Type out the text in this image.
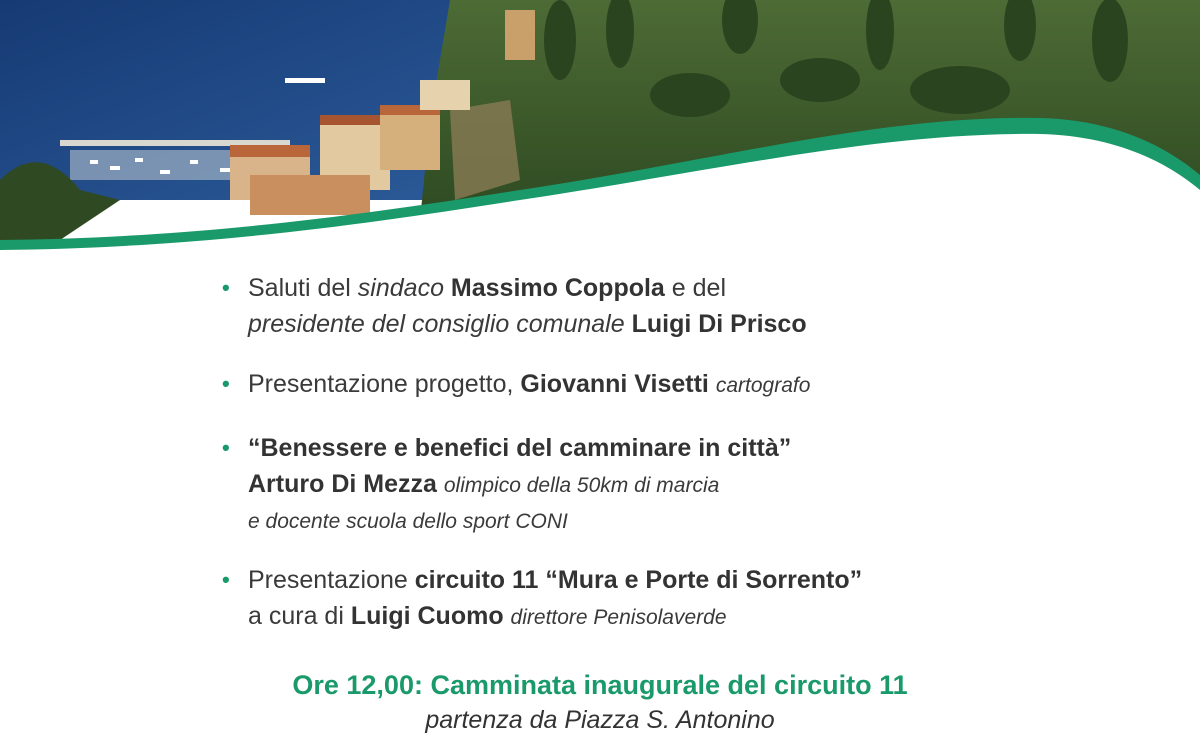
• Saluti del sindaco Massimo Coppola e del
presidente del consiglio comunale Luigi Di Prisco
• Presentazione progetto, Giovanni Visetti cartografo
• “Benessere e benefici del camminare in città”
Arturo Di Mezza olimpico della 50km di marcia
e docente scuola dello sport CONI
• Presentazione circuito 11 “Mura e Porte di Sorrento”
a cura di Luigi Cuomo direttore Penisolaverde
Ore 12,00: Camminata inaugurale del circuito 11
partenza da Piazza S. Antonino
